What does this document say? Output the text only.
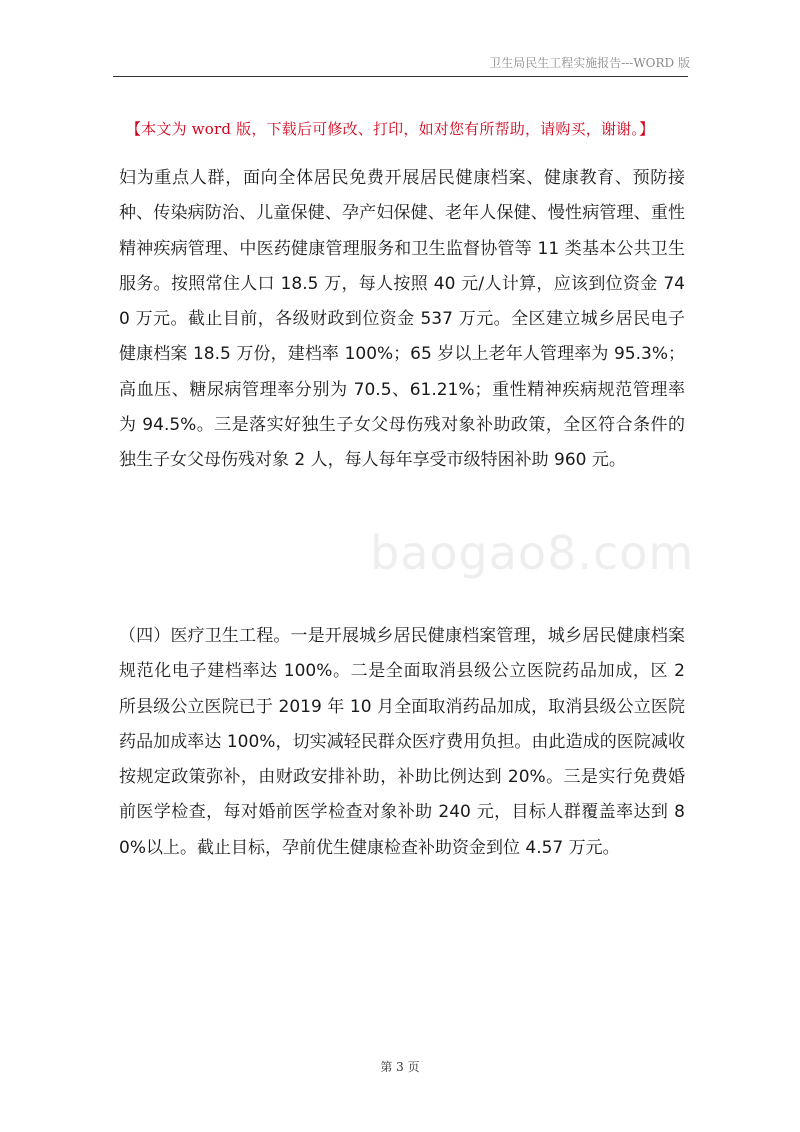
卫生局民生工程实施报告---WORD 版
【本文为 word 版，下载后可修改、打印，如对您有所帮助，请购买，谢谢。】
妇为重点人群，面向全体居民免费开展居民健康档案、健康教育、预防接种、传染病防治、儿童保健、孕产妇保健、老年人保健、慢性病管理、重性精神疾病管理、中医药健康管理服务和卫生监督协管等 11 类基本公共卫生服务。按照常住人口 18.5 万，每人按照 40 元/人计算，应该到位资金 740 万元。截止目前，各级财政到位资金 537 万元。全区建立城乡居民电子健康档案 18.5 万份，建档率 100%；65 岁以上老年人管理率为 95.3%；高血压、糖尿病管理率分别为 70.5、61.21%；重性精神疾病规范管理率为 94.5%。三是落实好独生子女父母伤残对象补助政策，全区符合条件的独生子女父母伤残对象 2 人，每人每年享受市级特困补助 960 元。
baogao8.com
（四）医疗卫生工程。一是开展城乡居民健康档案管理，城乡居民健康档案规范化电子建档率达 100%。二是全面取消县级公立医院药品加成，区 2 所县级公立医院已于 2019 年 10 月全面取消药品加成，取消县级公立医院药品加成率达 100%，切实减轻民群众医疗费用负担。由此造成的医院减收按规定政策弥补，由财政安排补助，补助比例达到 20%。三是实行免费婚前医学检查，每对婚前医学检查对象补助 240 元，目标人群覆盖率达到 80%以上。截止目标，孕前优生健康检查补助资金到位 4.57 万元。
第 3 页
